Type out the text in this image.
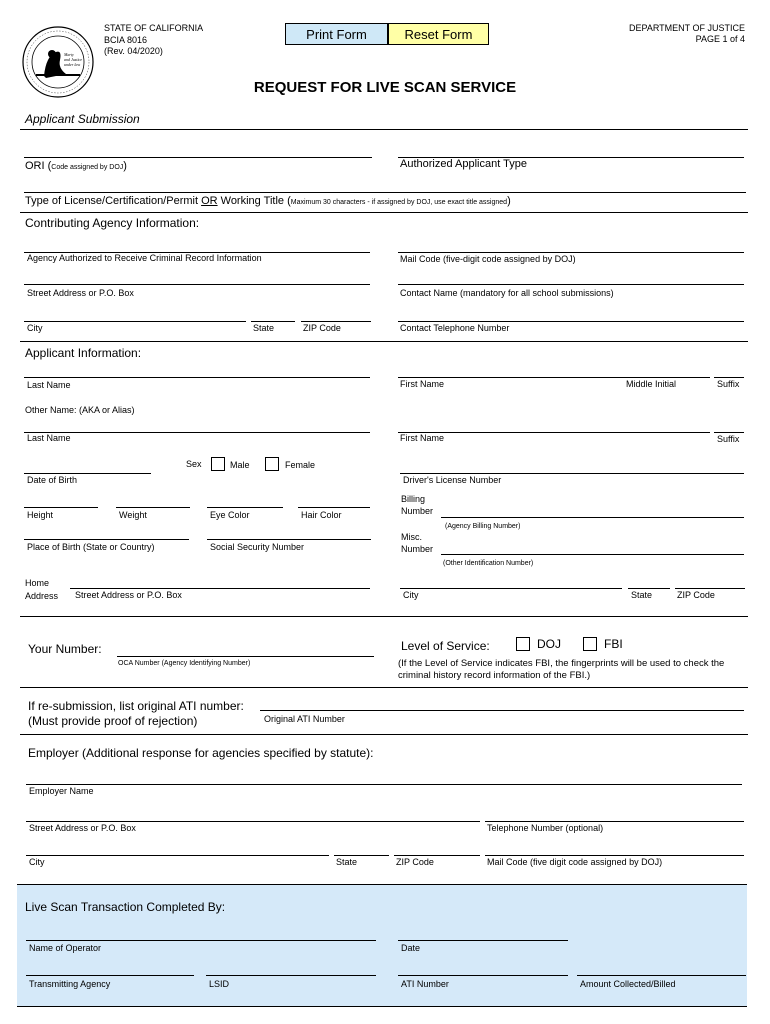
Marty
and Justice
under law
STATE OF CALIFORNIA
BCIA 8016
(Rev. 04/2020)
Print Form	Reset Form	DEPARTMENT OF JUSTICE
PAGE 1 of 4
REQUEST FOR LIVE SCAN SERVICE
Applicant Submission
ORI (Code assigned by DOJ)	Authorized Applicant Type
Type of License/Certification/Permit OR Working Title (Maximum 30 characters - if assigned by DOJ, use exact title assigned)
Contributing Agency Information:
Agency Authorized to Receive Criminal Record Information	Mail Code (five-digit code assigned by DOJ)
Street Address or P.O. Box	Contact Name (mandatory for all school submissions)
City	State	ZIP Code	Contact Telephone Number
Applicant Information:
Last Name	First Name	Middle Initial	Suffix
Other Name: (AKA or Alias)
Last Name	First Name	Suffix
Sex	Male	Female
Date of Birth	Driver's License Number
Billing
Number
(Agency Billing Number)
Height	Weight	Eye Color	Hair Color
Misc.
Number
(Other Identification Number)
Place of Birth (State or Country)	Social Security Number
Home
Address Street Address or P.O. Box	City	State	ZIP Code
Your Number:
OCA Number (Agency Identifying Number)
Level of Service:	DOJ	FBI
(If the Level of Service indicates FBI, the fingerprints will be used to check the
criminal history record information of the FBI.)
If re-submission, list original ATI number:
(Must provide proof of rejection)	Original ATI Number
Employer (Additional response for agencies specified by statute):
Employer Name
Street Address or P.O. Box	Telephone Number (optional)
City	State	ZIP Code	Mail Code (five digit code assigned by DOJ)
Live Scan Transaction Completed By:
Name of Operator	Date
Transmitting Agency	LSID	ATI Number	Amount Collected/Billed
